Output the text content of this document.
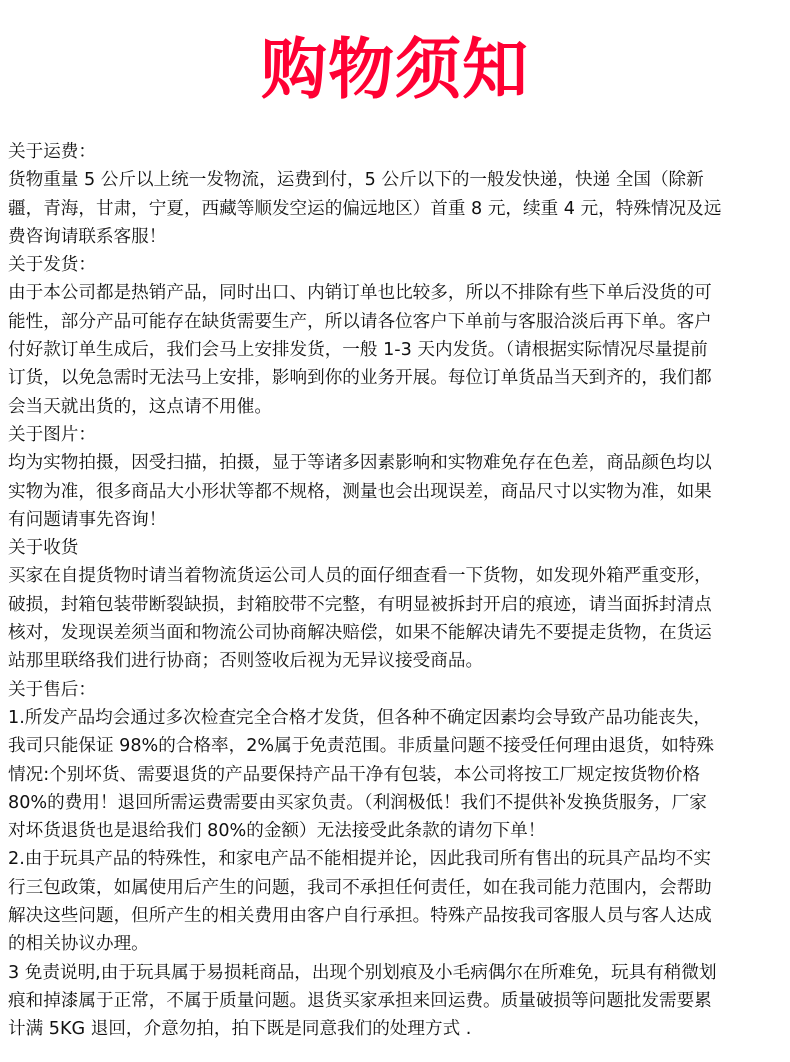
购物须知
关于运费：
货物重量 5 公斤以上统一发物流，运费到付，5 公斤以下的一般发快递，快递 全国（除新
疆，青海，甘肃，宁夏，西藏等顺发空运的偏远地区）首重 8 元，续重 4 元，特殊情况及远
费咨询请联系客服！
关于发货：
由于本公司都是热销产品，同时出口、内销订单也比较多，所以不排除有些下单后没货的可
能性，部分产品可能存在缺货需要生产，所以请各位客户下单前与客服洽淡后再下单。客户
付好款订单生成后，我们会马上安排发货，一般 1-3 天内发货。（请根据实际情况尽量提前
订货，以免急需时无法马上安排，影响到你的业务开展。每位订单货品当天到齐的，我们都
会当天就出货的，这点请不用催。
关于图片：
均为实物拍摄，因受扫描，拍摄，显于等诸多因素影响和实物难免存在色差，商品颜色均以
实物为准，很多商品大小形状等都不规格，测量也会出现误差，商品尺寸以实物为准，如果
有问题请事先咨询！
关于收货
买家在自提货物时请当着物流货运公司人员的面仔细查看一下货物，如发现外箱严重变形，
破损，封箱包装带断裂缺损，封箱胶带不完整，有明显被拆封开启的痕迹，请当面拆封清点
核对，发现误差须当面和物流公司协商解决赔偿，如果不能解决请先不要提走货物，在货运
站那里联络我们进行协商；否则签收后视为无异议接受商品。
关于售后：
1.所发产品均会通过多次检查完全合格才发货，但各种不确定因素均会导致产品功能丧失，
我司只能保证 98%的合格率，2%属于免责范围。非质量问题不接受任何理由退货，如特殊
情况:个别坏货、需要退货的产品要保持产品干净有包装，本公司将按工厂规定按货物价格
80%的费用！退回所需运费需要由买家负责。（利润极低！我们不提供补发换货服务，厂家
对坏货退货也是退给我们 80%的金额）无法接受此条款的请勿下单！
2.由于玩具产品的特殊性，和家电产品不能相提并论，因此我司所有售出的玩具产品均不实
行三包政策，如属使用后产生的问题，我司不承担任何责任，如在我司能力范围内，会帮助
解决这些问题，但所产生的相关费用由客户自行承担。特殊产品按我司客服人员与客人达成
的相关协议办理。
3 免责说明,由于玩具属于易损耗商品，出现个别划痕及小毛病偶尔在所难免，玩具有稍微划
痕和掉漆属于正常，不属于质量问题。退货买家承担来回运费。质量破损等问题批发需要累
计满 5KG 退回，介意勿拍，拍下既是同意我们的处理方式 .
